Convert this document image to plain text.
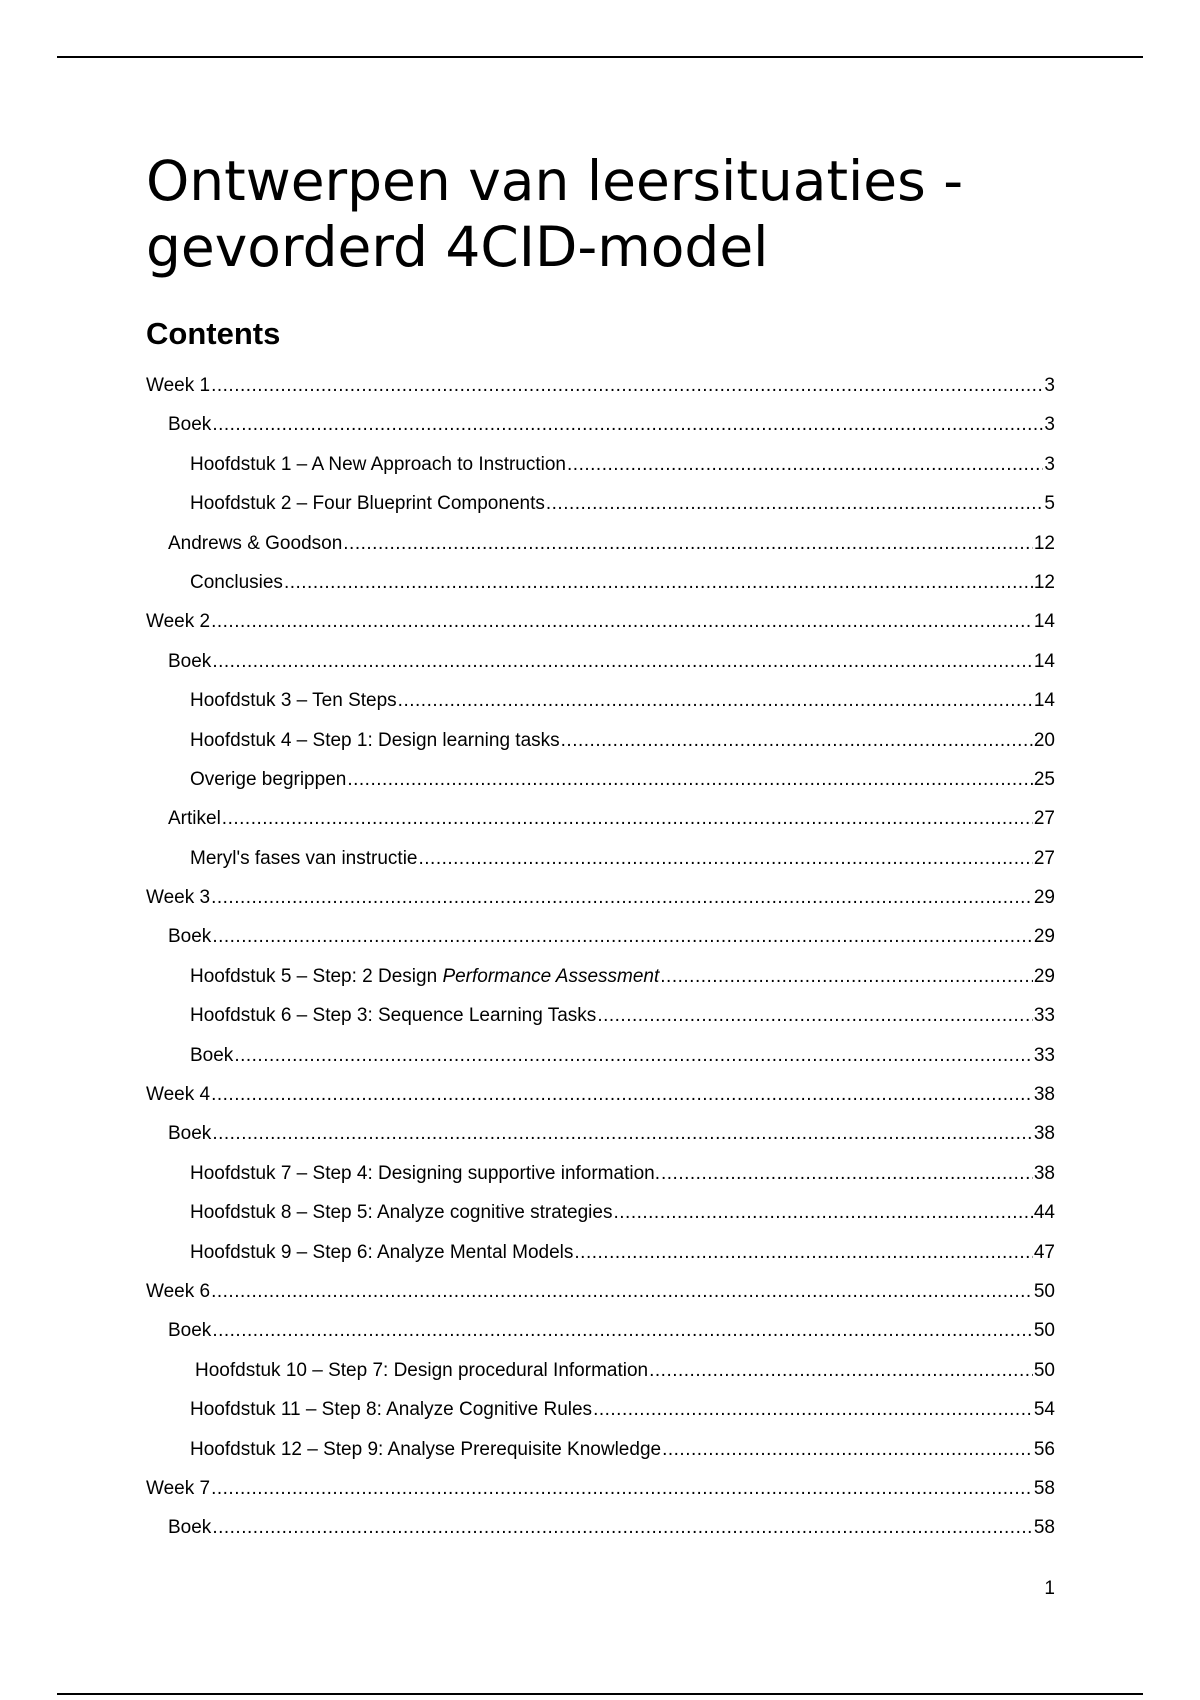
Ontwerpen van leersituaties -
gevorderd 4CID-model
Contents
Week 1 .....	3
Boek .....	3
Hoofdstuk 1 – A New Approach to Instruction .....	3
Hoofdstuk 2 – Four Blueprint Components .....	5
Andrews & Goodson .....	12
Conclusies .....	12
Week 2 .....	14
Boek .....	14
Hoofdstuk 3 – Ten Steps .....	14
Hoofdstuk 4 – Step 1: Design learning tasks .....	20
Overige begrippen .....	25
Artikel .....	27
Meryl's fases van instructie .....	27
Week 3 .....	29
Boek .....	29
Hoofdstuk 5 – Step: 2 Design Performance Assessment .....	29
Hoofdstuk 6 – Step 3: Sequence Learning Tasks .....	33
Boek .....	33
Week 4 .....	38
Boek .....	38
Hoofdstuk 7 – Step 4: Designing supportive information. .....	38
Hoofdstuk 8 – Step 5: Analyze cognitive strategies .....	44
Hoofdstuk 9 – Step 6: Analyze Mental Models .....	47
Week 6 .....	50
Boek .....	50
Hoofdstuk 10 – Step 7: Design procedural Information .....	50
Hoofdstuk 11 – Step 8: Analyze Cognitive Rules .....	54
Hoofdstuk 12 – Step 9: Analyse Prerequisite Knowledge .....	56
Week 7 .....	58
Boek .....	58
1
